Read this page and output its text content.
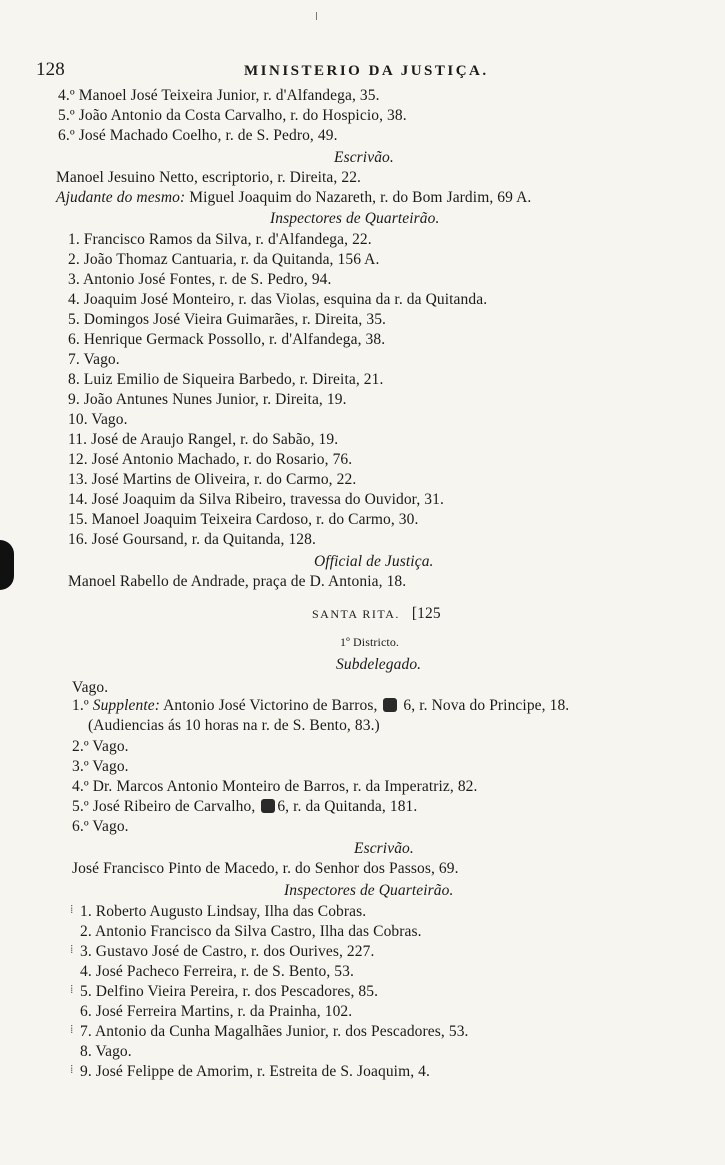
128	MINISTERIO DA JUSTIÇA.
4.º Manoel José Teixeira Junior, r. d'Alfandega, 35.
5.º João Antonio da Costa Carvalho, r. do Hospicio, 38.
6.º José Machado Coelho, r. de S. Pedro, 49.
Escrivão.
Manoel Jesuino Netto, escriptorio, r. Direita, 22.
Ajudante do mesmo: Miguel Joaquim do Nazareth, r. do Bom Jardim, 69 A.
Inspectores de Quarteirão.
1. Francisco Ramos da Silva, r. d'Alfandega, 22.
2. João Thomaz Cantuaria, r. da Quitanda, 156 A.
3. Antonio José Fontes, r. de S. Pedro, 94.
4. Joaquim José Monteiro, r. das Violas, esquina da r. da Quitanda.
5. Domingos José Vieira Guimarães, r. Direita, 35.
6. Henrique Germack Possollo, r. d'Alfandega, 38.
7. Vago.
8. Luiz Emilio de Siqueira Barbedo, r. Direita, 21.
9. João Antunes Nunes Junior, r. Direita, 19.
10. Vago.
11. José de Araujo Rangel, r. do Sabão, 19.
12. José Antonio Machado, r. do Rosario, 76.
13. José Martins de Oliveira, r. do Carmo, 22.
14. José Joaquim da Silva Ribeiro, travessa do Ouvidor, 31.
15. Manoel Joaquim Teixeira Cardoso, r. do Carmo, 30.
16. José Goursand, r. da Quitanda, 128.
Official de Justiça.
Manoel Rabello de Andrade, praça de D. Antonia, 18.
SANTA RITA. [125
1º Districto.
Subdelegado.
Vago.
1.º Supplente: Antonio José Victorino de Barros,  6, r. Nova do Principe, 18.
(Audiencias ás 10 horas na r. de S. Bento, 83.)
2.º Vago.
3.º Vago.
4.º Dr. Marcos Antonio Monteiro de Barros, r. da Imperatriz, 82.
5.º José Ribeiro de Carvalho, 6, r. da Quitanda, 181.
6.º Vago.
Escrivão.
José Francisco Pinto de Macedo, r. do Senhor dos Passos, 69.
Inspectores de Quarteirão.
⁞
⁞
⁞
⁞
⁞
1. Roberto Augusto Lindsay, Ilha das Cobras.
2. Antonio Francisco da Silva Castro, Ilha das Cobras.
3. Gustavo José de Castro, r. dos Ourives, 227.
4. José Pacheco Ferreira, r. de S. Bento, 53.
5. Delfino Vieira Pereira, r. dos Pescadores, 85.
6. José Ferreira Martins, r. da Prainha, 102.
7. Antonio da Cunha Magalhães Junior, r. dos Pescadores, 53.
8. Vago.
9. José Felippe de Amorim, r. Estreita de S. Joaquim, 4.
